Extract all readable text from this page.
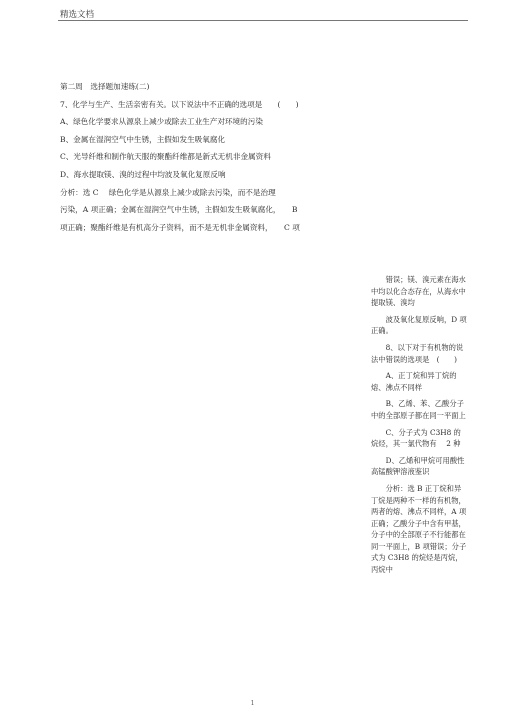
精选文档

第二周　选择题加速练(二)

7、化学与生产、生活亲密有关。以下说法中不正确的选项是　　(　　)

A、绿色化学要求从源泉上减少或除去工业生产对环境的污染

B、金属在湿润空气中生锈，主假如发生吸氧腐化

C、光导纤维和制作航天服的聚酯纤维都是新式无机非金属资料

D、海水提取镁、溴的过程中均波及氧化复原反响

分析：选 C　 绿色化学是从源泉上减少或除去污染，而不是治理

污染，A 项正确；金属在湿润空气中生锈，主假如发生吸氧腐化，　　B

项正确；聚酯纤维是有机高分子资料，而不是无机非金属资料，　　C 项

错误；镁、溴元素在海水中均以化合态存在，从海水中提取镁、溴均

波及氧化复原反响，D 项正确。

8、以下对于有机物的说法中错误的选项是　(　　)

A、正丁烷和异丁烷的熔、沸点不同样

B、乙烯、苯、乙酸分子中的全部原子都在同一平面上

C、分子式为 C3H8 的烷烃，其一氯代物有　 2 种

D、乙烯和甲烷可用酸性高锰酸钾溶液鉴识

分析：选 B 正丁烷和异丁烷是两种不一样的有机物，两者的熔、沸点不同样，A 项正确；乙酸分子中含有甲基，分子中的全部原子不行能都在同一平面上，B 项错误；分子式为 C3H8 的烷烃是丙烷，丙烷中

1
